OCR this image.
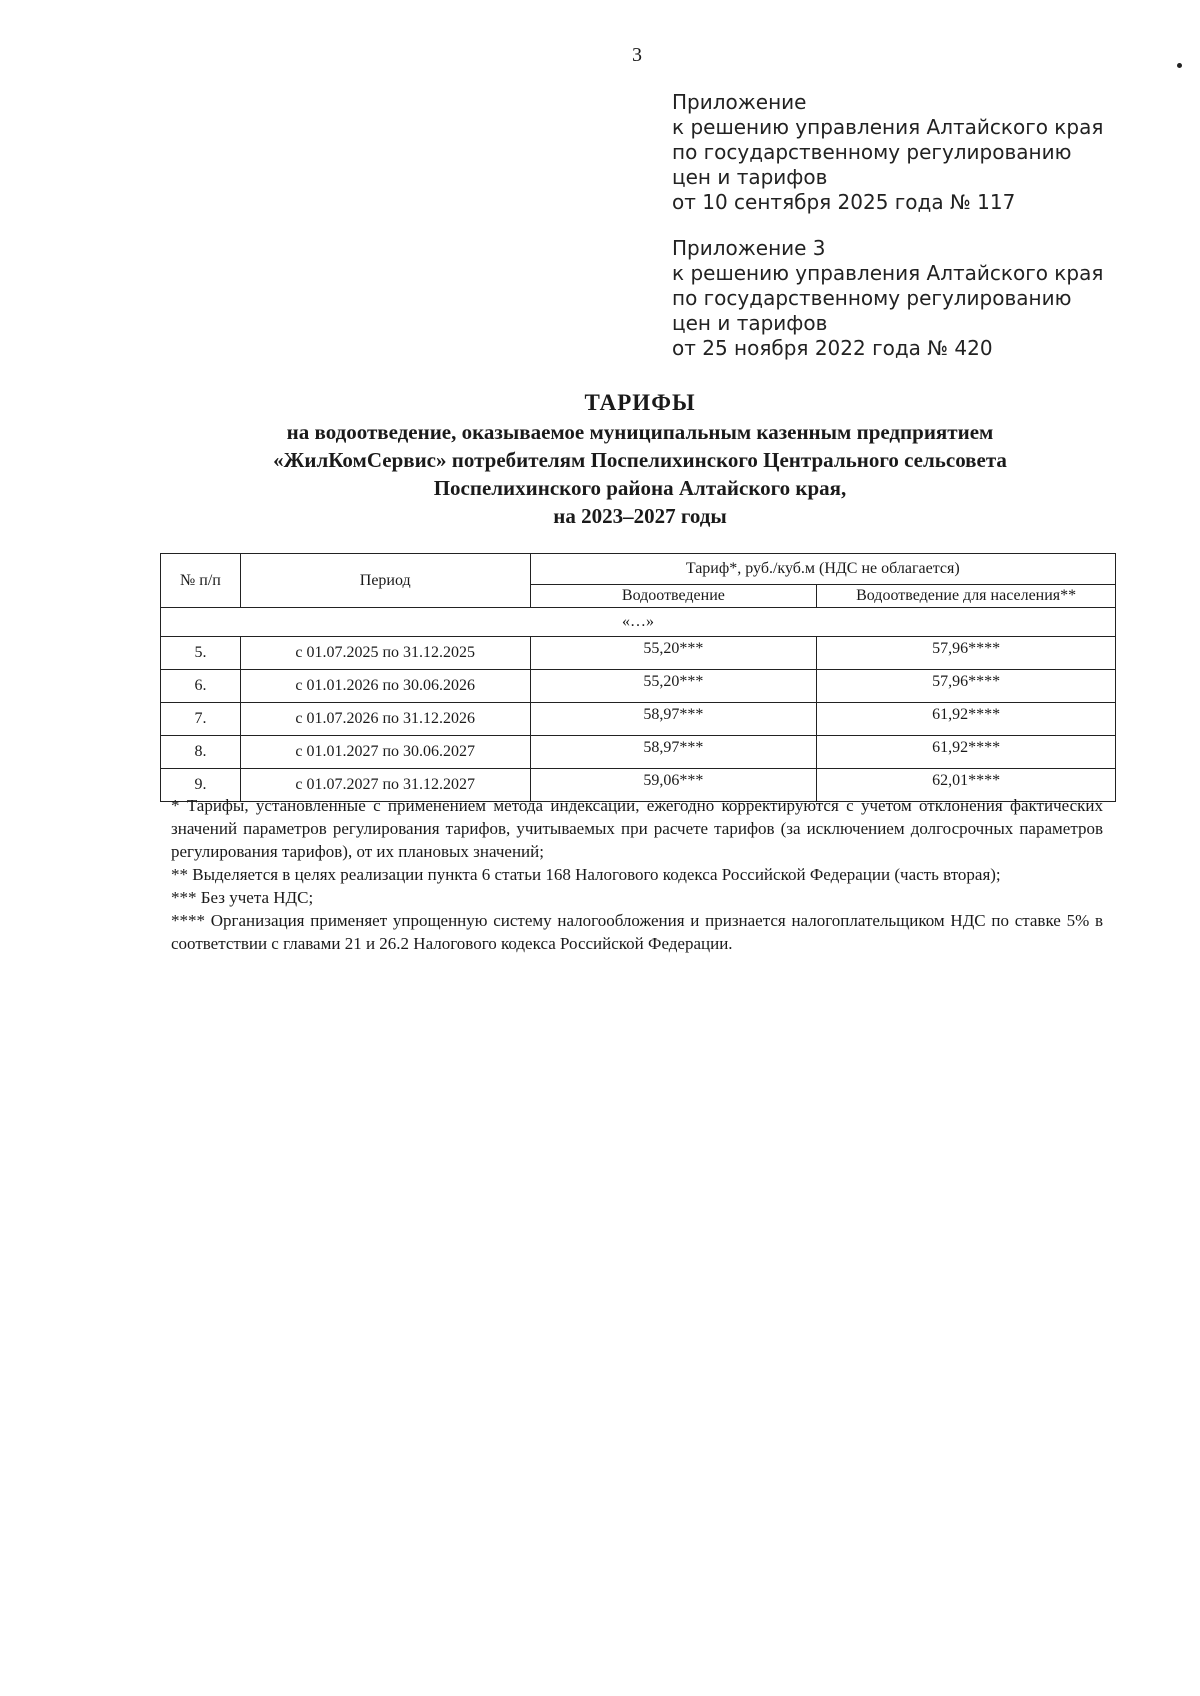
3
Приложение
к решению управления Алтайского края
по государственному регулированию
цен и тарифов
от 10 сентября 2025 года № 117
Приложение 3
к решению управления Алтайского края
по государственному регулированию
цен и тарифов
от 25 ноября 2022 года № 420
ТАРИФЫ
на водоотведение, оказываемое муниципальным казенным предприятием
«ЖилКомСервис» потребителям Поспелихинского Центрального сельсовета
Поспелихинского района Алтайского края,
на 2023–2027 годы
№ п/п	Период	Тариф*, руб./куб.м (НДС не облагается)	
		Водоотведение	Водоотведение для населения**
«…»			
5.	с 01.07.2025 по 31.12.2025	55,20***	57,96****
6.	с 01.01.2026 по 30.06.2026	55,20***	57,96****
7.	с 01.07.2026 по 31.12.2026	58,97***	61,92****
8.	с 01.01.2027 по 30.06.2027	58,97***	61,92****
9.	с 01.07.2027 по 31.12.2027	59,06***	62,01****

* Тарифы, установленные с применением метода индексации, ежегодно корректируются с учетом отклонения фактических значений параметров регулирования тарифов, учитываемых при расчете тарифов (за исключением долгосрочных параметров регулирования тарифов), от их плановых значений;

** Выделяется в целях реализации пункта 6 статьи 168 Налогового кодекса Российской Федерации (часть вторая);

*** Без учета НДС;

**** Организация применяет упрощенную систему налогообложения и признается налогоплательщиком НДС по ставке 5% в соответствии с главами 21 и 26.2 Налогового кодекса Российской Федерации.
